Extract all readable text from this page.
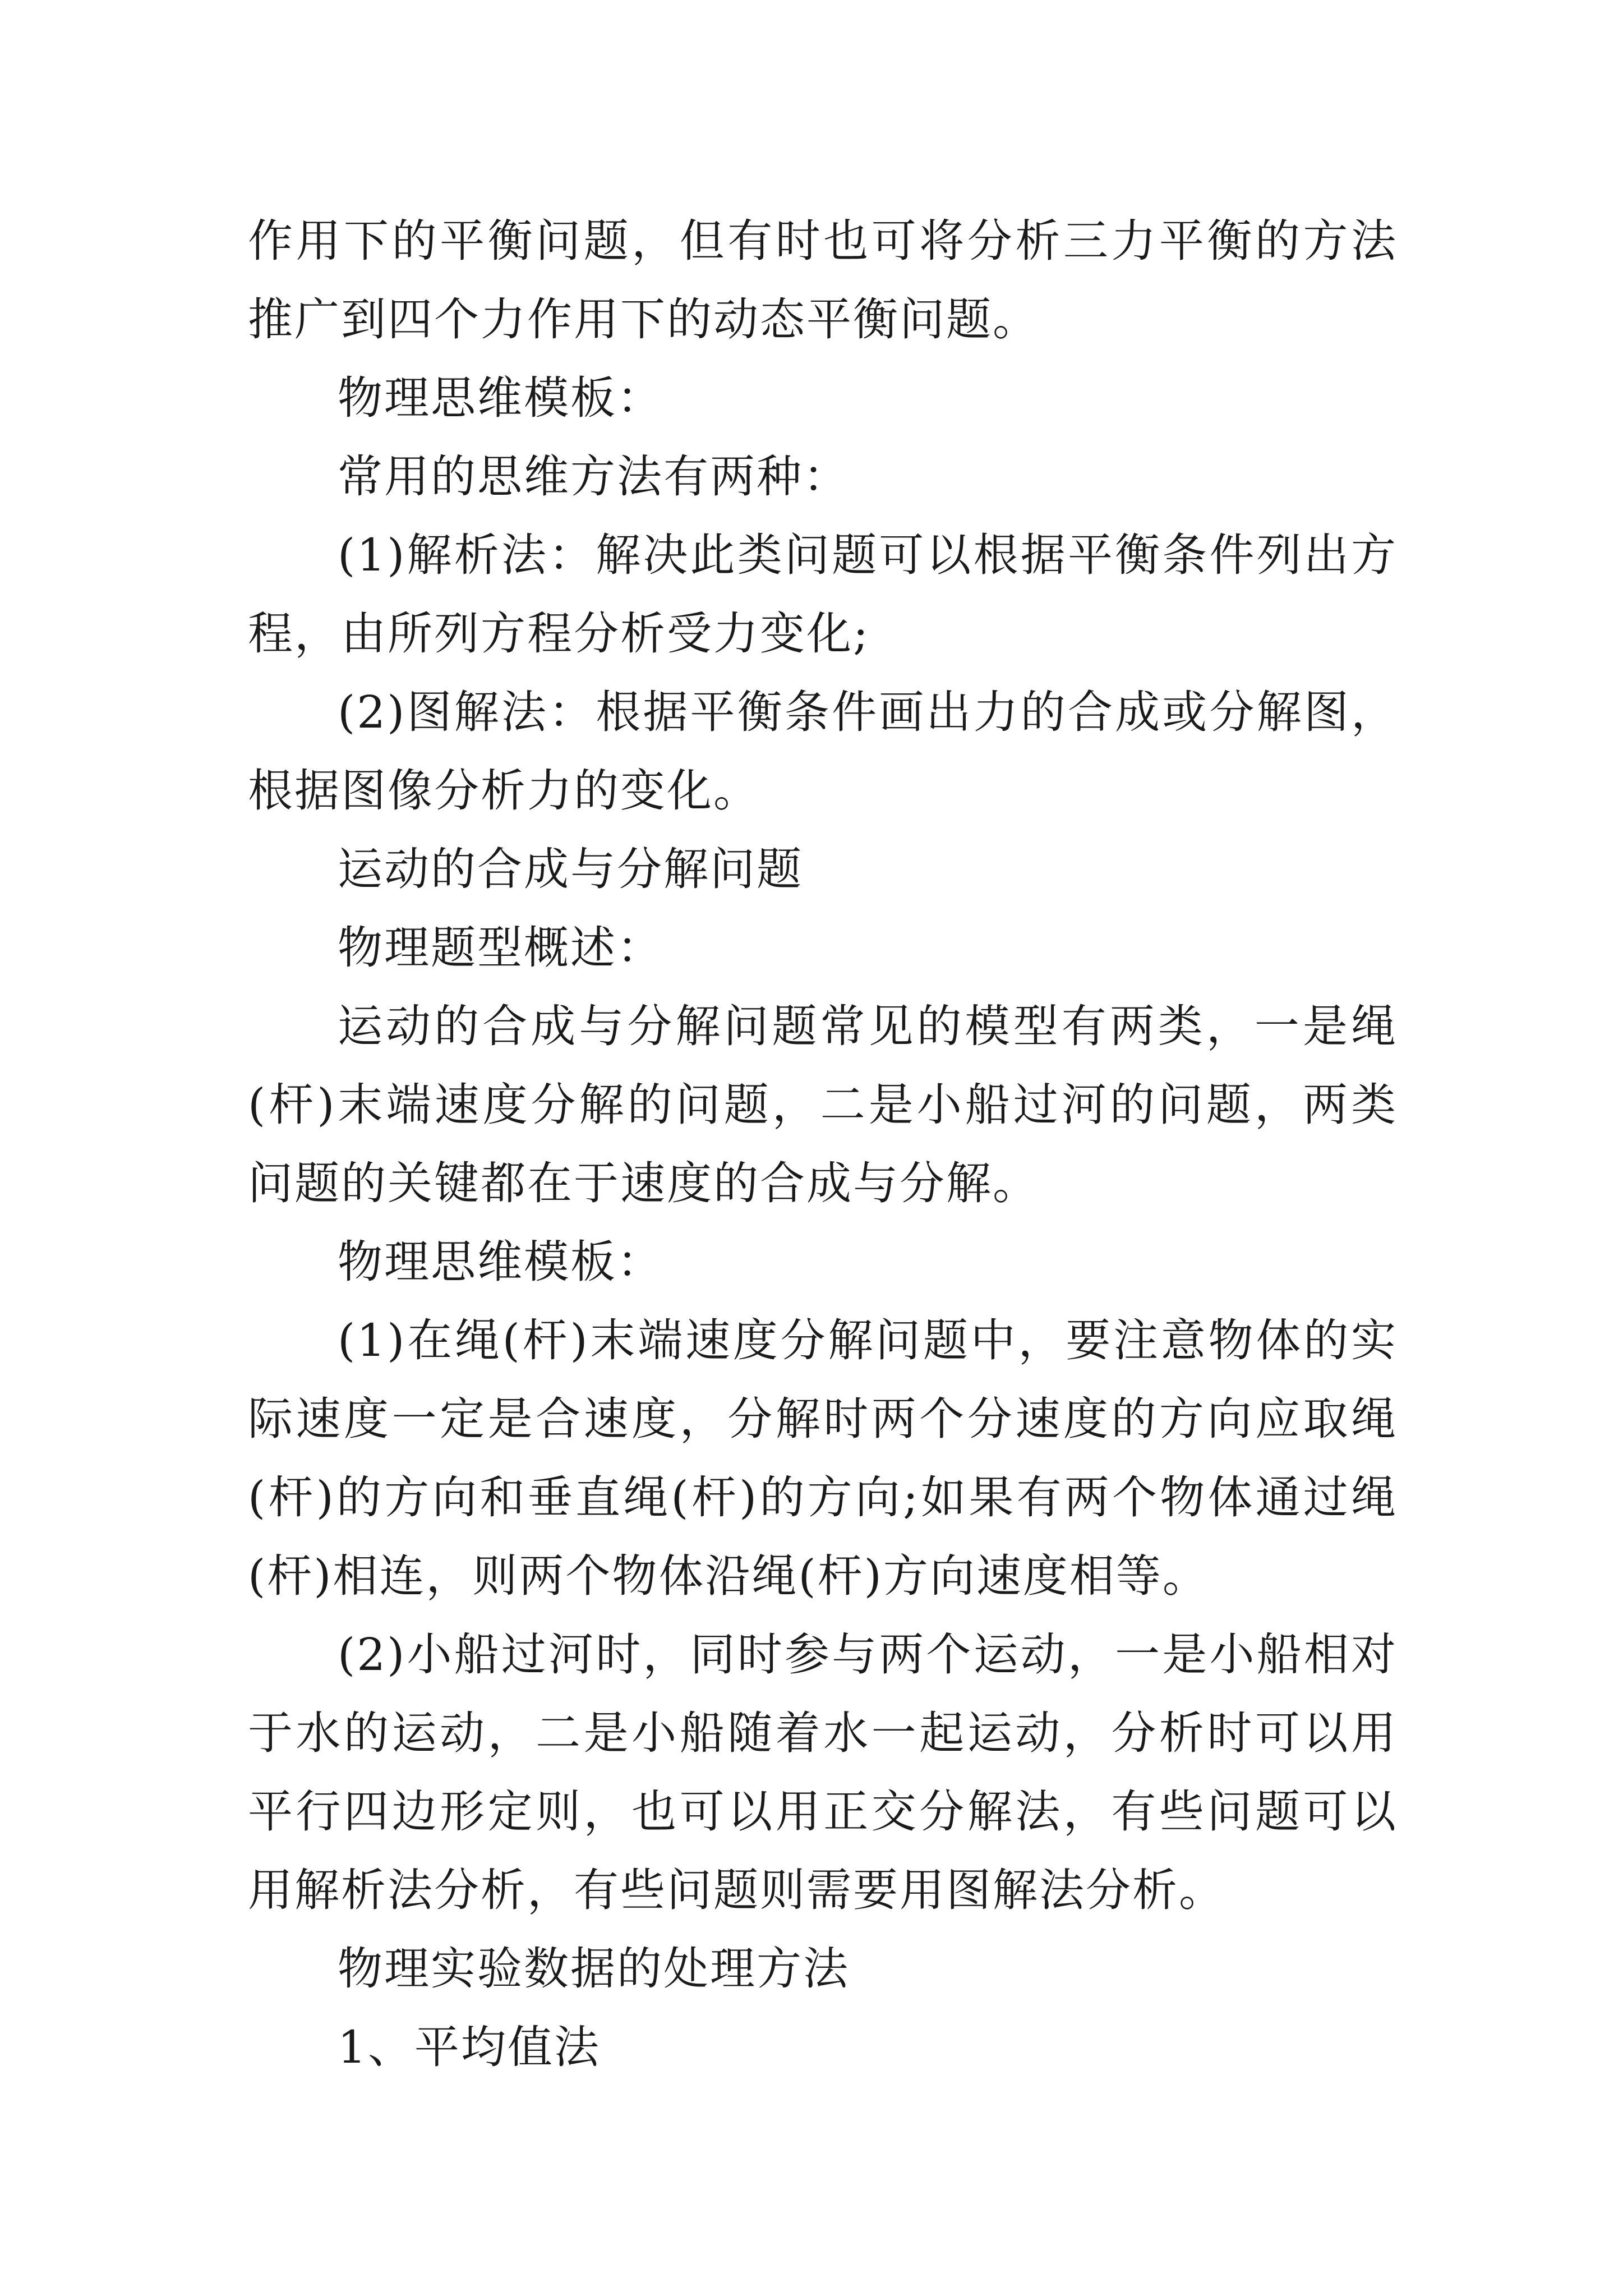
作用下的平衡问题，但有时也可将分析三力平衡的方法推广到四个力作用下的动态平衡问题。

物理思维模板：

常用的思维方法有两种：

(1)解析法：解决此类问题可以根据平衡条件列出方程，由所列方程分析受力变化;

(2)图解法：根据平衡条件画出力的合成或分解图，根据图像分析力的变化。

运动的合成与分解问题

物理题型概述：

运动的合成与分解问题常见的模型有两类，一是绳(杆)末端速度分解的问题，二是小船过河的问题，两类问题的关键都在于速度的合成与分解。

物理思维模板：

(1)在绳(杆)末端速度分解问题中，要注意物体的实际速度一定是合速度，分解时两个分速度的方向应取绳(杆)的方向和垂直绳(杆)的方向;如果有两个物体通过绳(杆)相连，则两个物体沿绳(杆)方向速度相等。

(2)小船过河时，同时参与两个运动，一是小船相对于水的运动，二是小船随着水一起运动，分析时可以用平行四边形定则，也可以用正交分解法，有些问题可以用解析法分析，有些问题则需要用图解法分析。

物理实验数据的处理方法

1、平均值法
